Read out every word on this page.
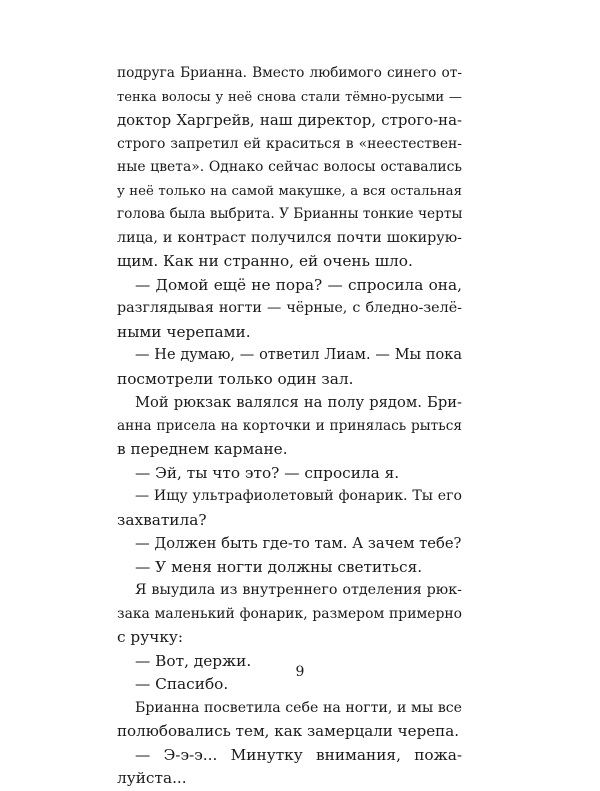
подруга Брианна. Вместо любимого синего от-
тенка волосы у неё снова стали тёмно-русыми —
доктор Харгрейв, наш директор, строго-на-
строго запретил ей краситься в «неестествен-
ные цвета». Однако сейчас волосы оставались
у неё только на самой макушке, а вся остальная
голова была выбрита. У Брианны тонкие черты
лица, и контраст получился почти шокирую-
щим. Как ни странно, ей очень шло.
— Домой ещё не пора? — спросила она,
разглядывая ногти — чёрные, с бледно-зелё-
ными черепами.
— Не думаю, — ответил Лиам. — Мы пока
посмотрели только один зал.
Мой рюкзак валялся на полу рядом. Бри-
анна присела на корточки и принялась рыться
в переднем кармане.
— Эй, ты что это? — спросила я.
— Ищу ультрафиолетовый фонарик. Ты его
захватила?
— Должен быть где-то там. А зачем тебе?
— У меня ногти должны светиться.
Я выудила из внутреннего отделения рюк-
зака маленький фонарик, размером примерно
с ручку:
— Вот, держи.
— Спасибо.
Брианна посветила себе на ногти, и мы все
полюбовались тем, как замерцали черепа.
— Э-э-э... Минутку внимания, пожа-
луйста...
9
